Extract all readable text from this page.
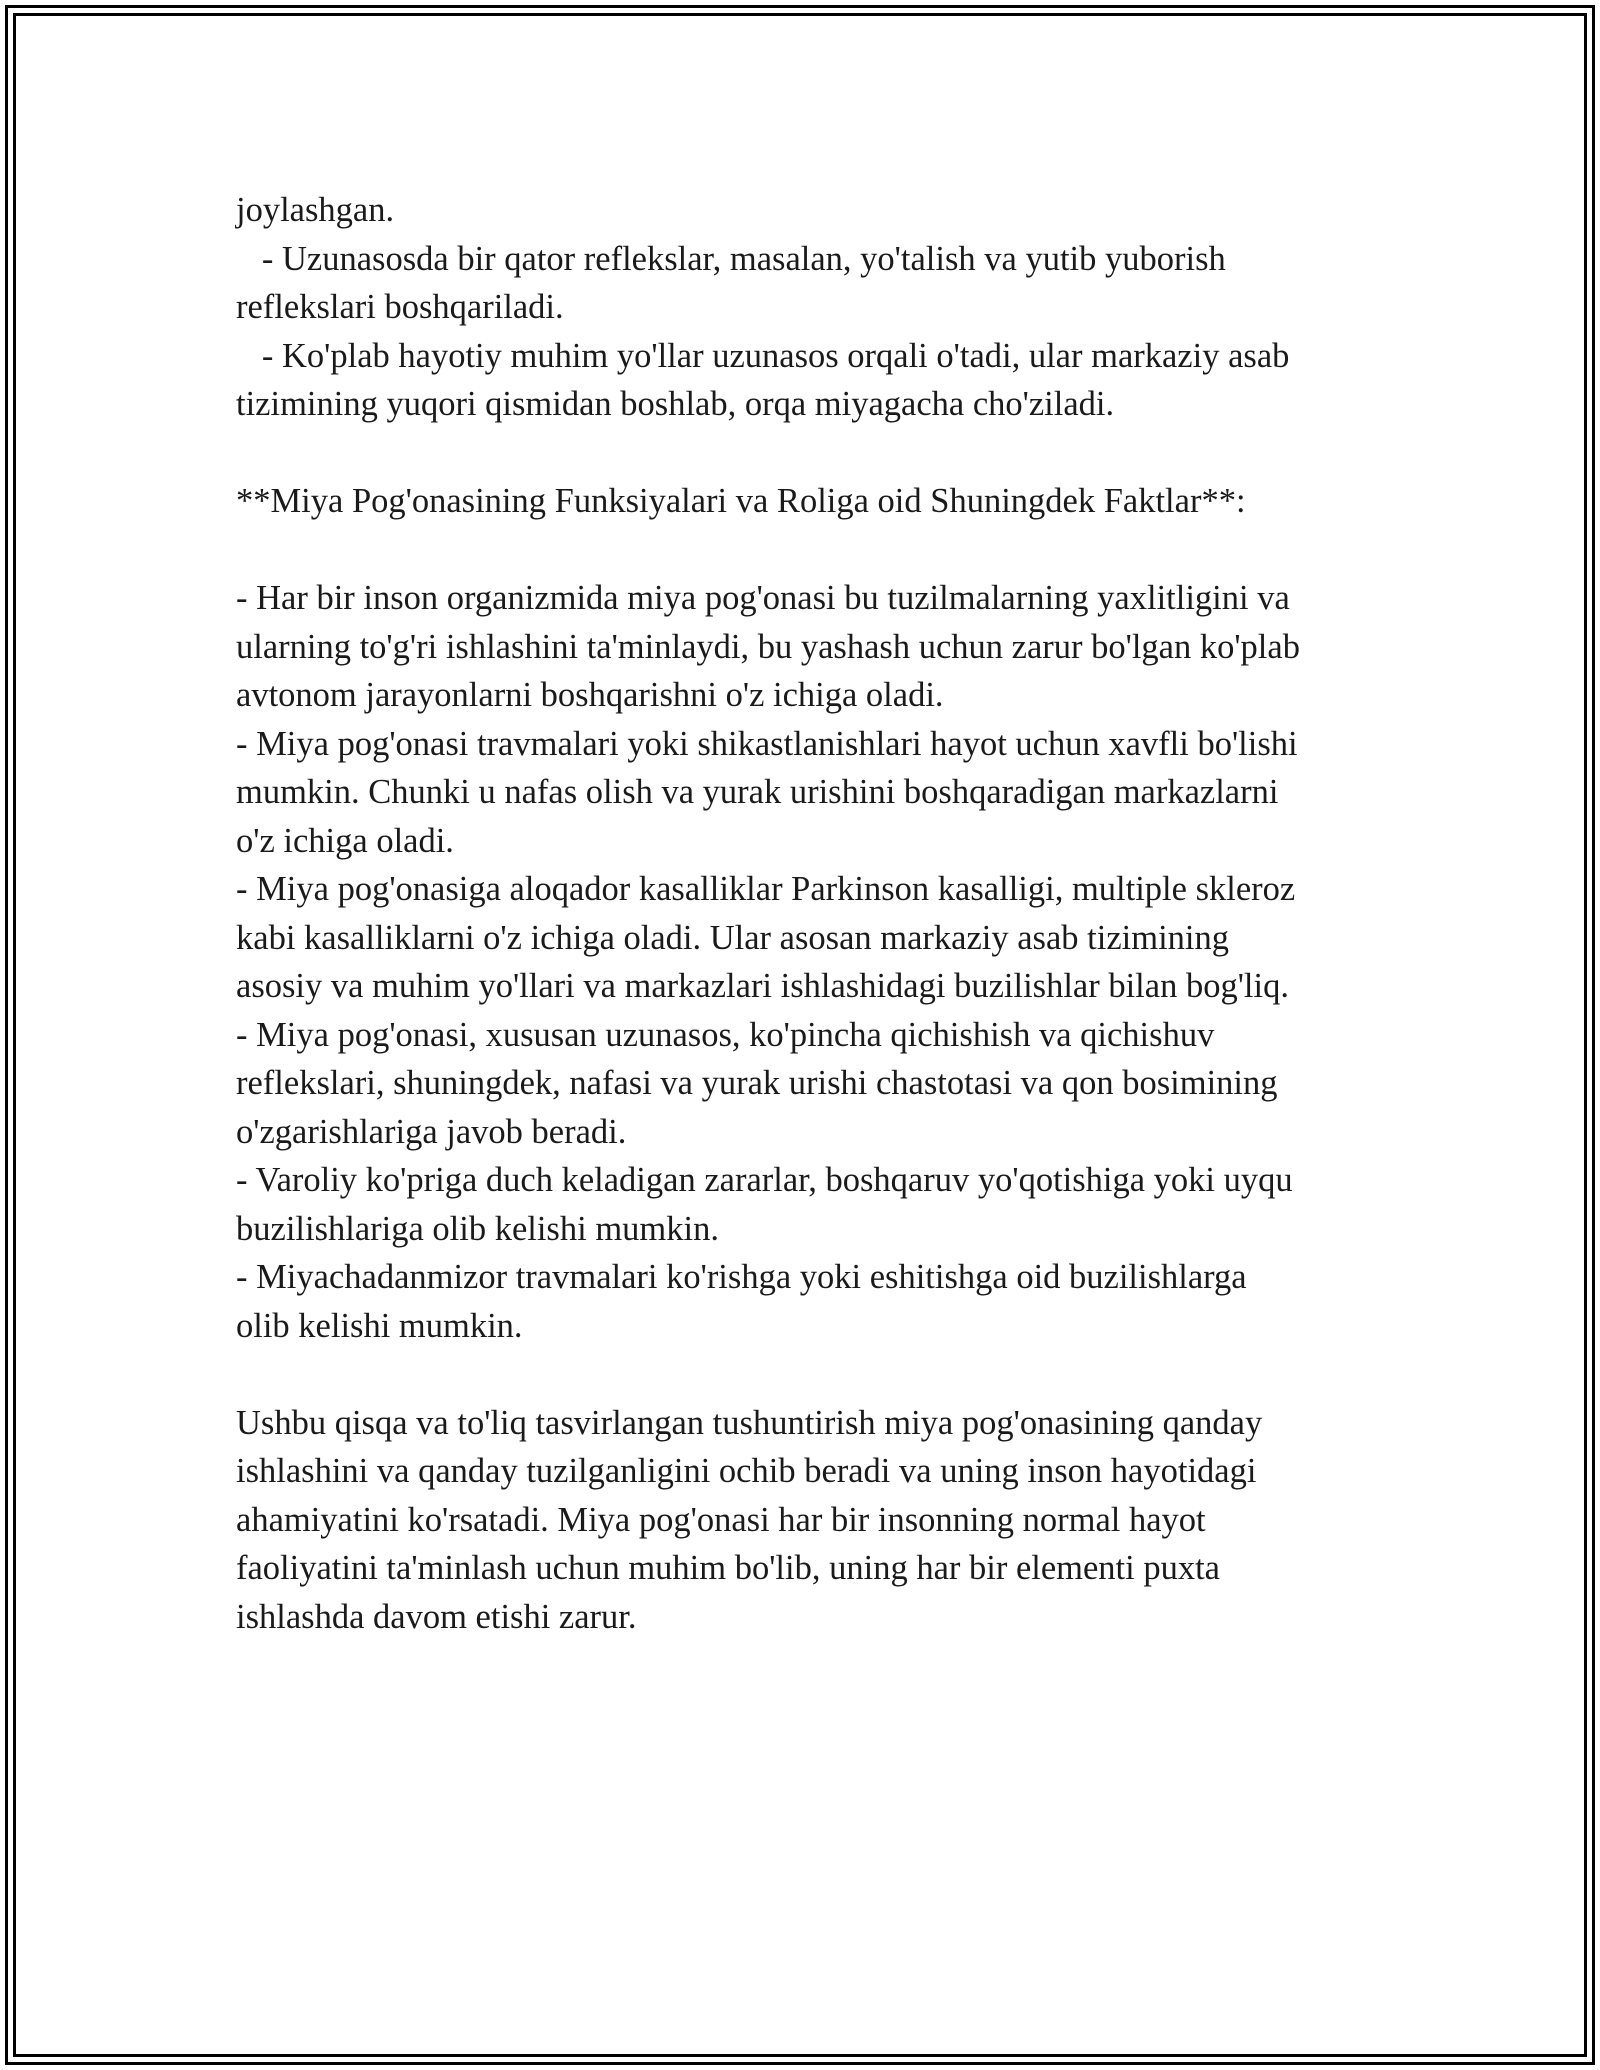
joylashgan.
- Uzunasosda bir qator reflekslar, masalan, yo'talish va yutib yuborish
reflekslari boshqariladi.
- Ko'plab hayotiy muhim yo'llar uzunasos orqali o'tadi, ular markaziy asab
tizimining yuqori qismidan boshlab, orqa miyagacha cho'ziladi.
**Miya Pog'onasining Funksiyalari va Roliga oid Shuningdek Faktlar**:
- Har bir inson organizmida miya pog'onasi bu tuzilmalarning yaxlitligini va
ularning to'g'ri ishlashini ta'minlaydi, bu yashash uchun zarur bo'lgan ko'plab
avtonom jarayonlarni boshqarishni o'z ichiga oladi.
- Miya pog'onasi travmalari yoki shikastlanishlari hayot uchun xavfli bo'lishi
mumkin. Chunki u nafas olish va yurak urishini boshqaradigan markazlarni
o'z ichiga oladi.
- Miya pog'onasiga aloqador kasalliklar Parkinson kasalligi, multiple skleroz
kabi kasalliklarni o'z ichiga oladi. Ular asosan markaziy asab tizimining
asosiy va muhim yo'llari va markazlari ishlashidagi buzilishlar bilan bog'liq.
- Miya pog'onasi, xususan uzunasos, ko'pincha qichishish va qichishuv
reflekslari, shuningdek, nafasi va yurak urishi chastotasi va qon bosimining
o'zgarishlariga javob beradi.
- Varoliy ko'priga duch keladigan zararlar, boshqaruv yo'qotishiga yoki uyqu
buzilishlariga olib kelishi mumkin.
- Miyachadanmizor travmalari ko'rishga yoki eshitishga oid buzilishlarga
olib kelishi mumkin.
Ushbu qisqa va to'liq tasvirlangan tushuntirish miya pog'onasining qanday
ishlashini va qanday tuzilganligini ochib beradi va uning inson hayotidagi
ahamiyatini ko'rsatadi. Miya pog'onasi har bir insonning normal hayot
faoliyatini ta'minlash uchun muhim bo'lib, uning har bir elementi puxta
ishlashda davom etishi zarur.
